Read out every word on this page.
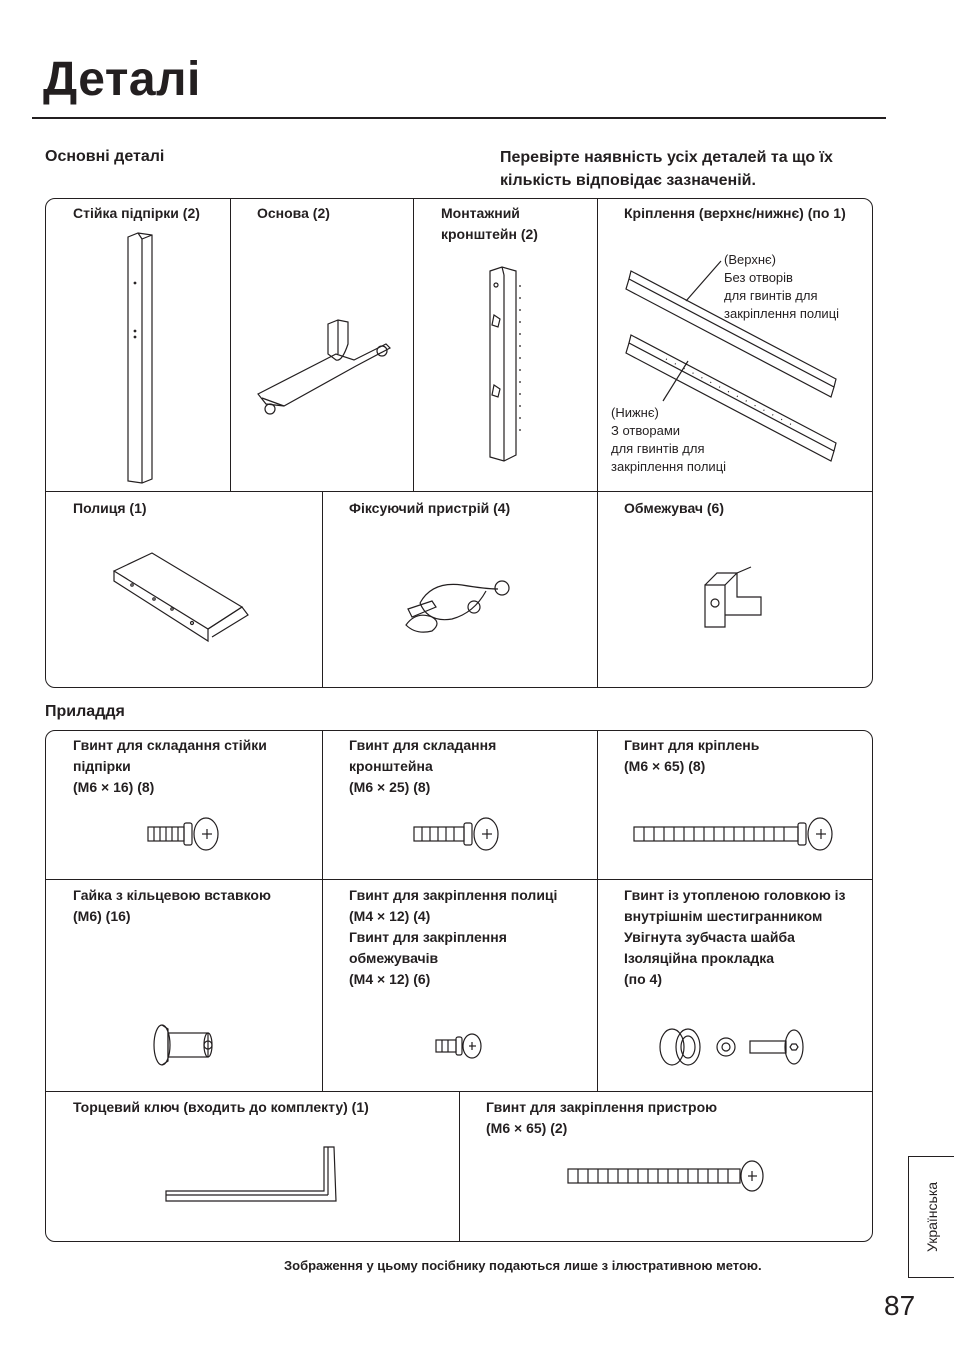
Деталі
Основні деталі	Перевірте наявність усіх деталей та що їх кількість відповідає зазначеній.
Стійка підпірки (2)	Основа (2)	Монтажний кронштейн (2)
Кріплення (верхнє/нижнє) (по 1)
(Верхнє)
Без отворів
для гвинтів для
закріплення полиці
(Нижнє)
З отворами
для гвинтів для
закріплення полиці
Полиця (1)	Фіксуючий пристрій (4)	Обмежувач (6)
Приладдя
Гвинт для складання стійки підпірки
(M6 × 16) (8)
Гвинт для складання кронштейна
(M6 × 25) (8)
Гвинт для кріплень
(M6 × 65) (8)
Гайка з кільцевою вставкою
(M6) (16)
Гвинт для закріплення полиці
(M4 × 12) (4)
Гвинт для закріплення обмежувачів
(M4 × 12) (6)
Гвинт із утопленою головкою із внутрішнім шестигранником
Увігнута зубчаста шайба
Ізоляційна прокладка
(по 4)
Торцевий ключ (входить до комплекту) (1)	Гвинт для закріплення пристрою
(M6 × 65) (2)
Зображення у цьому посібнику подаються лише з ілюстративною метою.
Українська
87
